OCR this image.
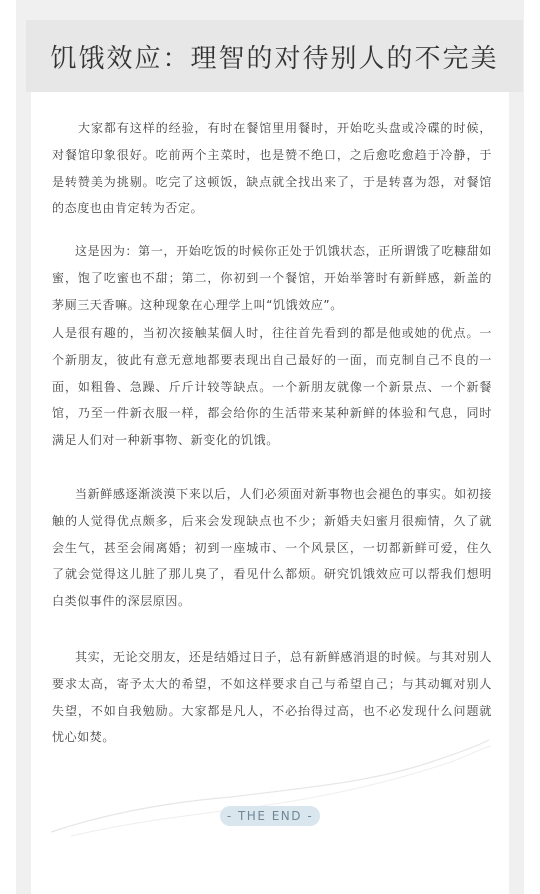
饥饿效应：理智的对待别人的不完美

大家都有这样的经验，有时在餐馆里用餐时，开始吃头盘或冷碟的时候，对餐馆印象很好。吃前两个主菜时，也是赞不绝口，之后愈吃愈趋于冷静，于是转赞美为挑剔。吃完了这顿饭，缺点就全找出来了，于是转喜为怨，对餐馆的态度也由肯定转为否定。

这是因为：第一，开始吃饭的时候你正处于饥饿状态，正所谓饿了吃糠甜如蜜，饱了吃蜜也不甜；第二，你初到一个餐馆，开始举箸时有新鲜感，新盖的茅厕三天香嘛。这种现象在心理学上叫“饥饿效应”。

人是很有趣的，当初次接触某個人时，往往首先看到的都是他或她的优点。一个新朋友，彼此有意无意地都要表现出自己最好的一面，而克制自己不良的一面，如粗鲁、急躁、斤斤计较等缺点。一个新朋友就像一个新景点、一个新餐馆，乃至一件新衣服一样，都会给你的生活带来某种新鲜的体验和气息，同时满足人们对一种新事物、新变化的饥饿。

当新鲜感逐渐淡漠下来以后，人们必须面对新事物也会褪色的事实。如初接触的人觉得优点颇多，后来会发现缺点也不少；新婚夫妇蜜月很痴情，久了就会生气，甚至会闹离婚；初到一座城市、一个风景区，一切都新鲜可爱，住久了就会觉得这儿脏了那儿臭了，看见什么都烦。研究饥饿效应可以帮我们想明白类似事件的深层原因。

其实，无论交朋友，还是结婚过日子，总有新鲜感消退的时候。与其对别人要求太高，寄予太大的希望，不如这样要求自己与希望自己；与其动辄对别人失望，不如自我勉励。大家都是凡人，不必抬得过高，也不必发现什么问题就忧心如焚。

- THE END -
